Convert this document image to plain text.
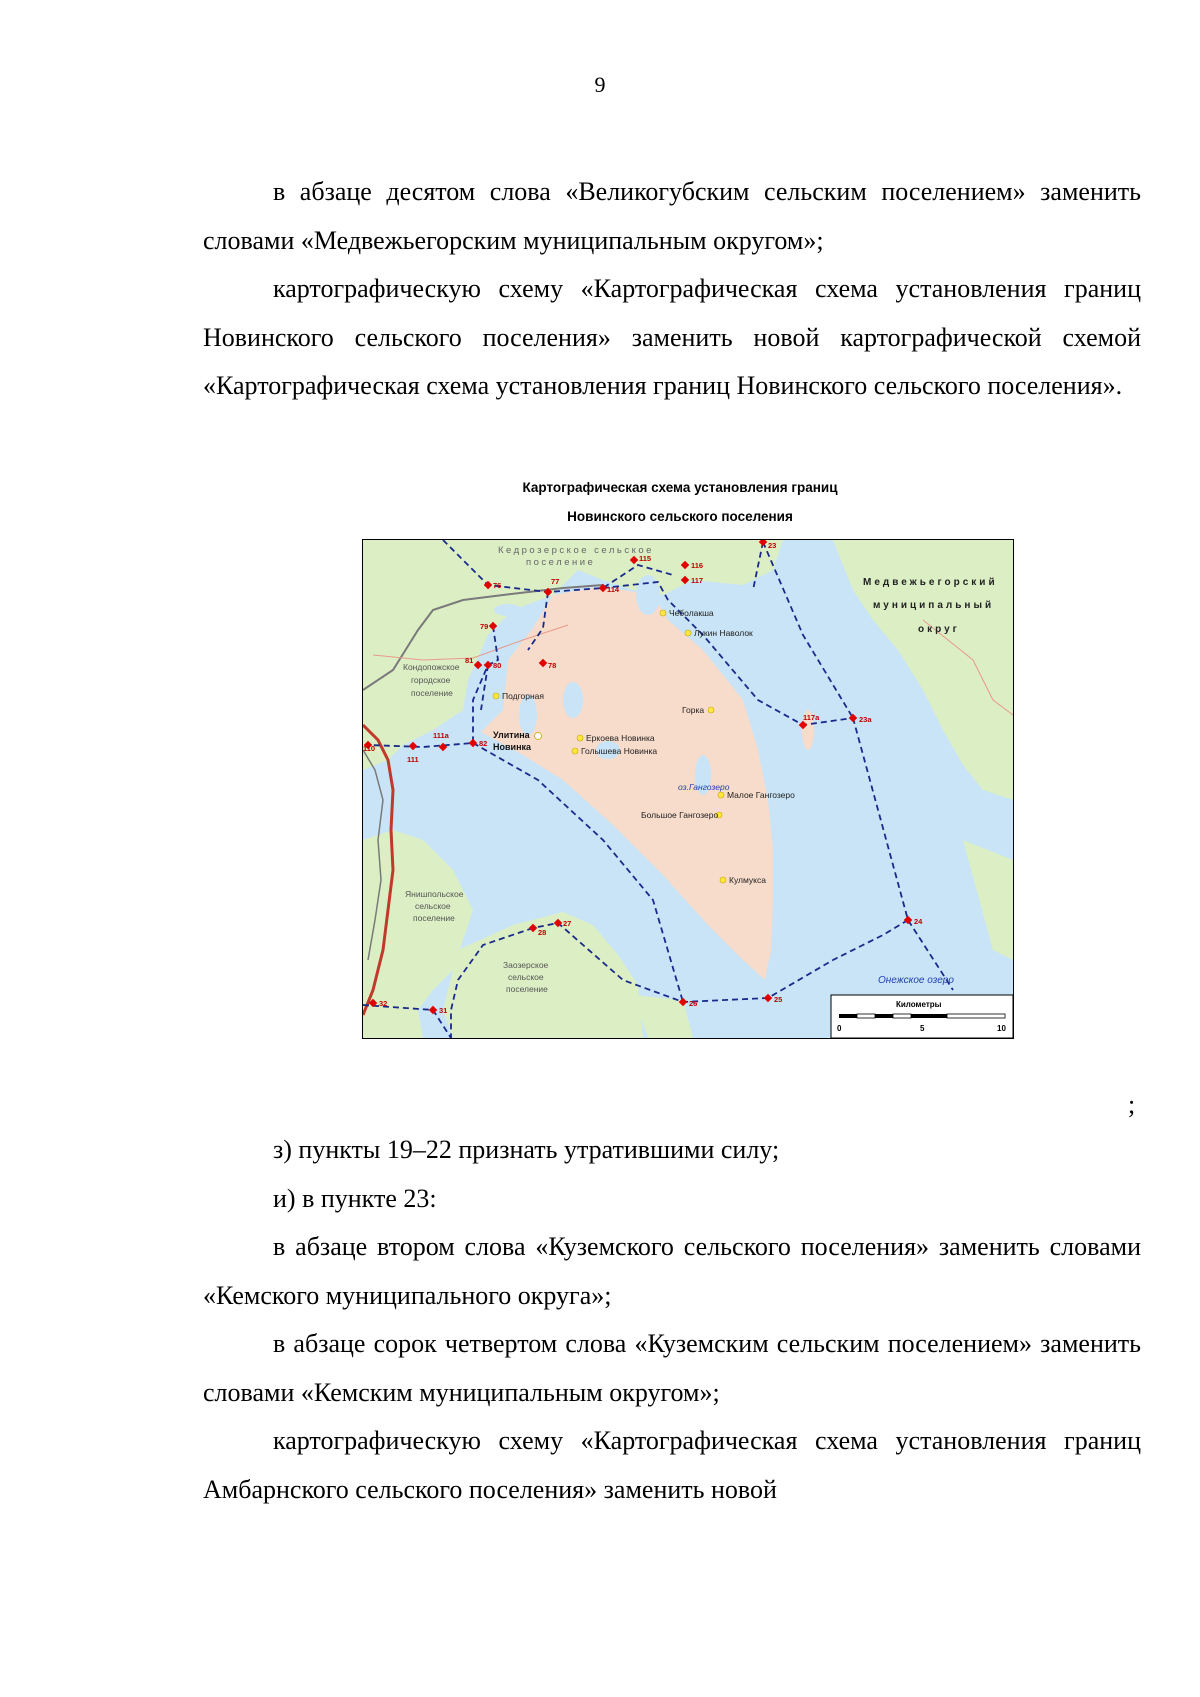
9

в абзаце десятом слова «Великогубским сельским поселением» заменить словами «Медвежьегорским муниципальным округом»;

картографическую схему «Картографическая схема установления границ Новинского сельского поселения» заменить новой картографической схемой «Картографическая схема установления границ Новинского сельского поселения».

Картографическая схема установления границ
Новинского сельского поселения
Кедрозерское сельское
поселение
Медвежьегорский
муниципальный
округ
Кондопожское
городское
поселение
Янишпольское
сельское
поселение
Заозерское
сельское
поселение
оз.Гангозеро
Онежское озеро
Чеболакша
Лукин Наволок
Подгорная
Горка
Улитина
Новинка
Еркоева Новинка
Голышева Новинка
Малое Гангозеро
Большое Гангозеро
Кулмукса
23
115
116
117
76	77
114
79
81
80	78
117а	23а
110
111
111а
82
24
27
28
26	25
32
31
Километры
0	5	10
;

з) пункты 19–22 признать утратившими силу;

и) в пункте 23:

в абзаце втором слова «Куземского сельского поселения» заменить словами «Кемского муниципального округа»;

в абзаце сорок четвертом слова «Куземским сельским поселением» заменить словами «Кемским муниципальным округом»;

картографическую схему «Картографическая схема установления границ Амбарнского сельского поселения» заменить новой
